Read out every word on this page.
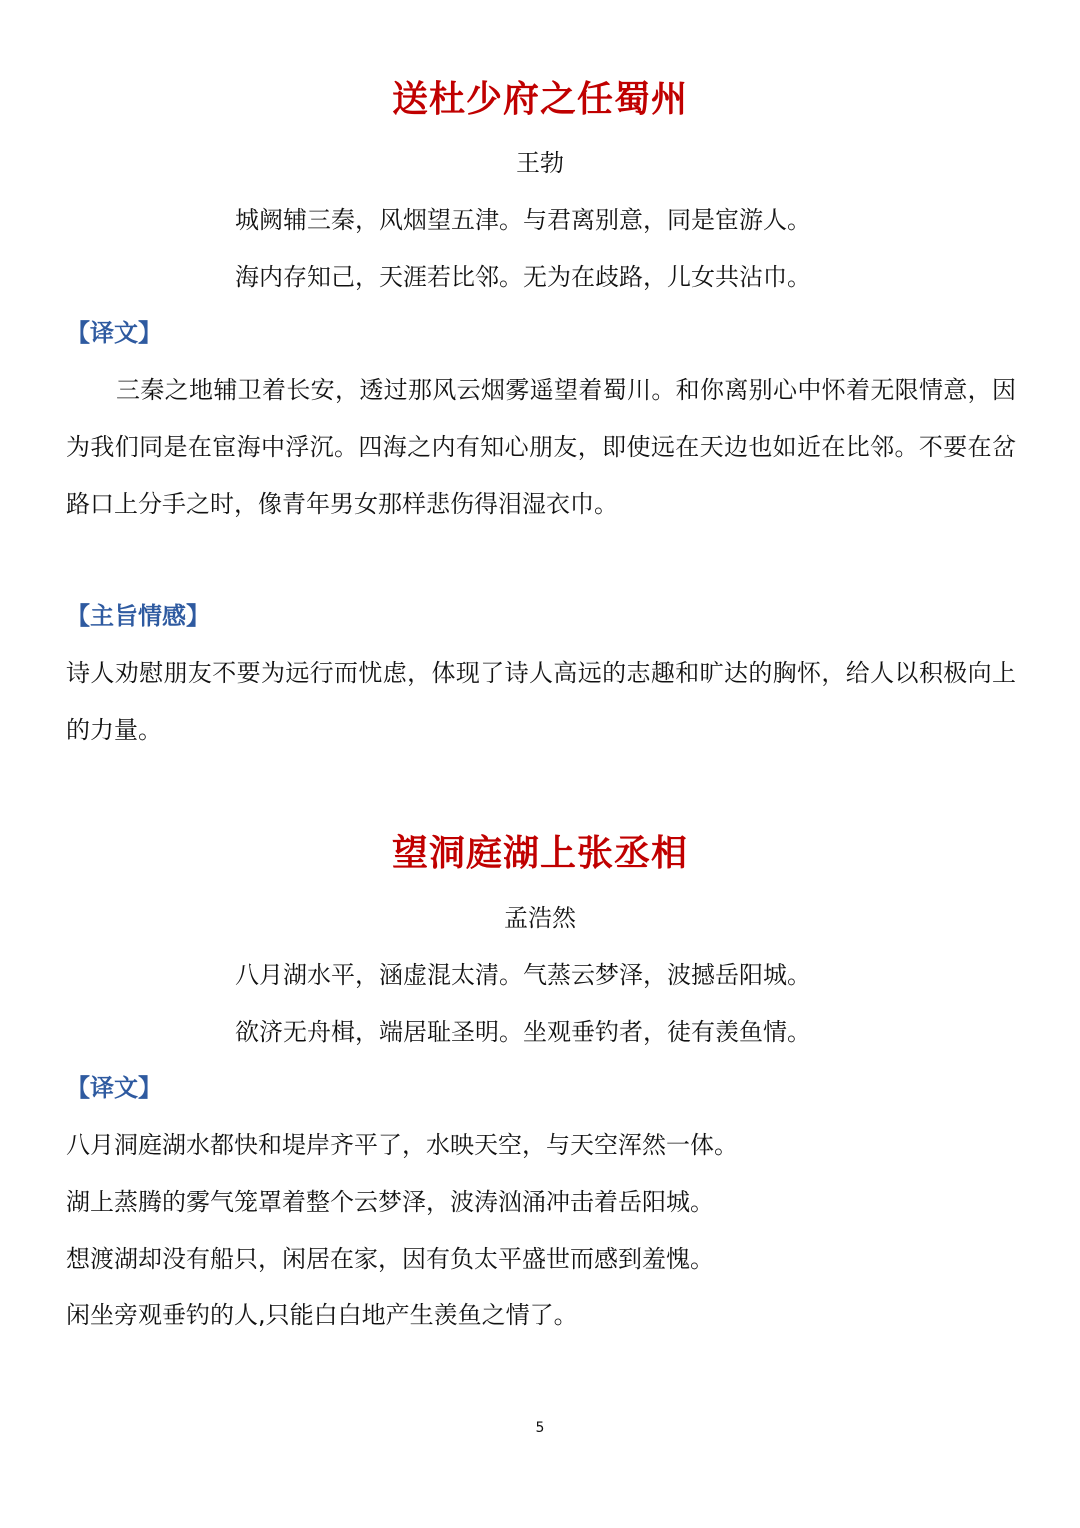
送杜少府之任蜀州
王勃
城阙辅三秦，风烟望五津。与君离别意，同是宦游人。
海内存知己，天涯若比邻。无为在歧路，儿女共沾巾。
【译文】
三秦之地辅卫着长安，透过那风云烟雾遥望着蜀川。和你离别心中怀着无限情意，因为我们同是在宦海中浮沉。四海之内有知心朋友，即使远在天边也如近在比邻。不要在岔路口上分手之时，像青年男女那样悲伤得泪湿衣巾。
【主旨情感】
诗人劝慰朋友不要为远行而忧虑，体现了诗人高远的志趣和旷达的胸怀，给人以积极向上的力量。
望洞庭湖上张丞相
孟浩然
八月湖水平，涵虚混太清。气蒸云梦泽，波撼岳阳城。
欲济无舟楫，端居耻圣明。坐观垂钓者，徒有羡鱼情。
【译文】
八月洞庭湖水都快和堤岸齐平了，水映天空，与天空浑然一体。
湖上蒸腾的雾气笼罩着整个云梦泽，波涛汹涌冲击着岳阳城。
想渡湖却没有船只，闲居在家，因有负太平盛世而感到羞愧。
闲坐旁观垂钓的人,只能白白地产生羡鱼之情了。
5
